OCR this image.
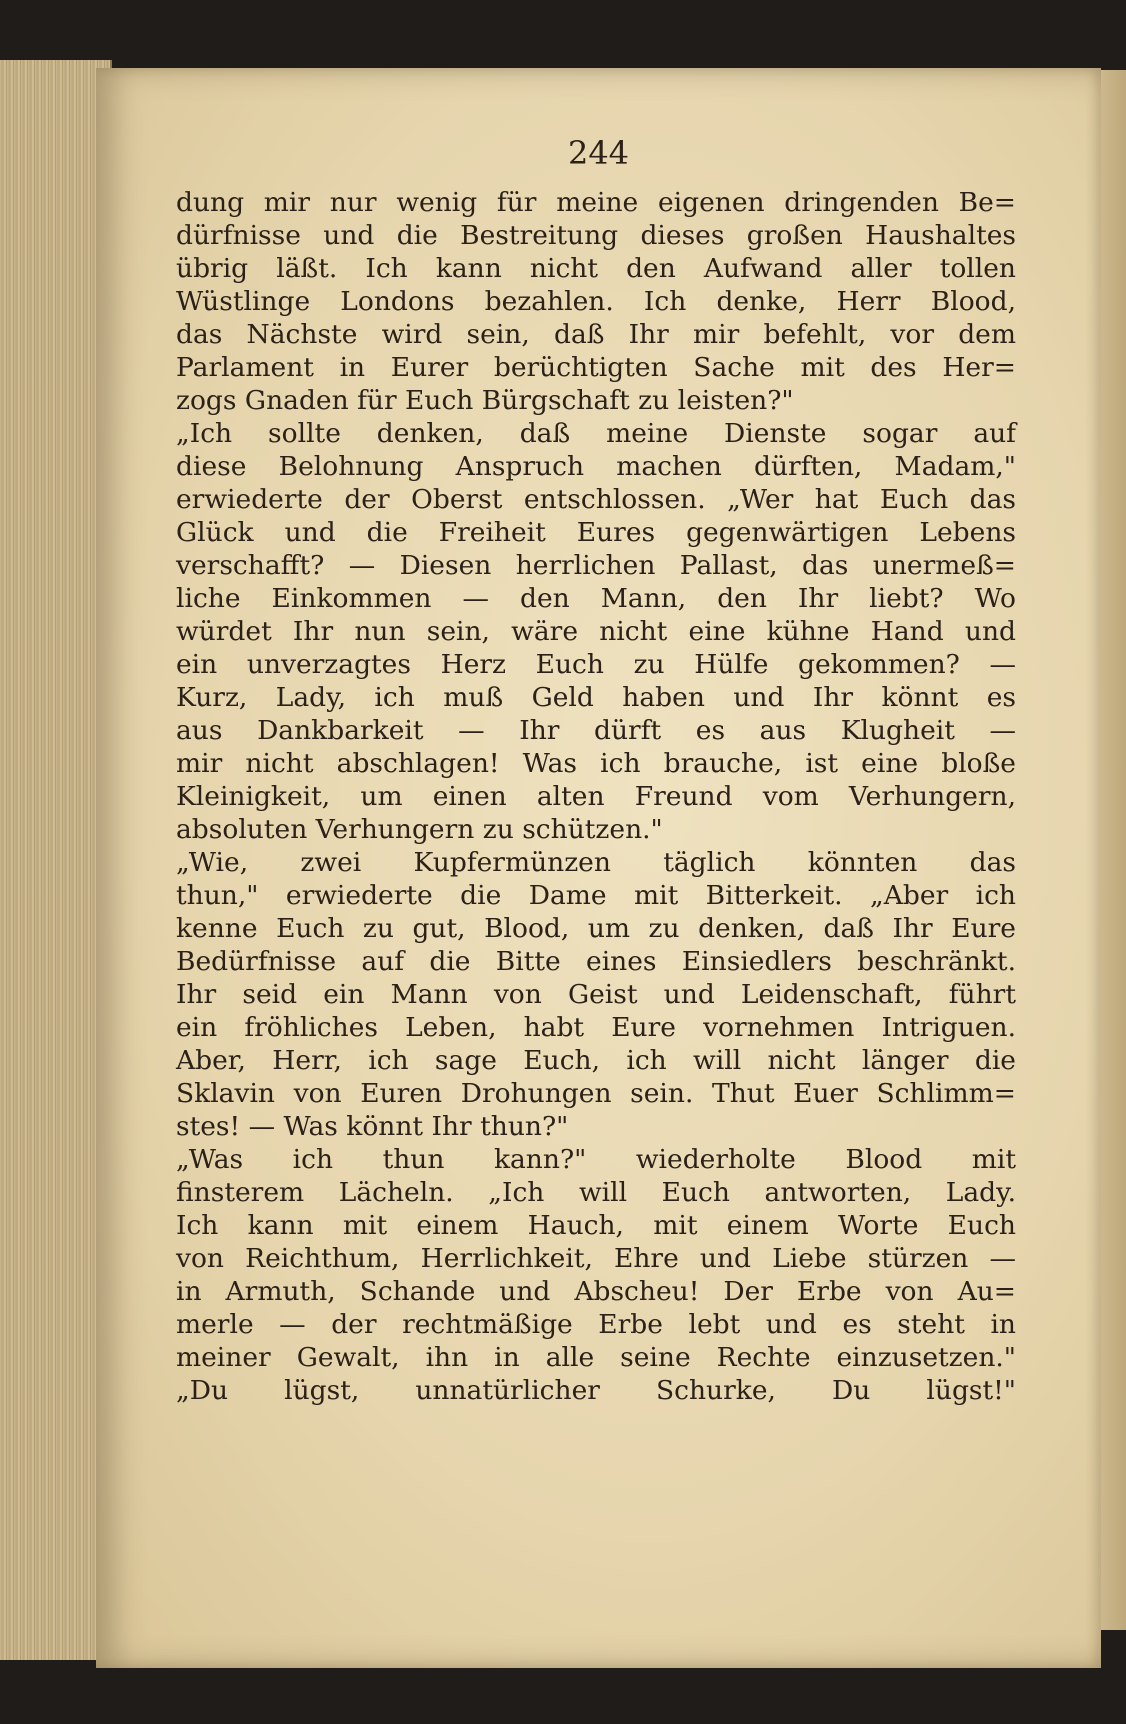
244
dung mir nur wenig für meine eigenen dringenden Be=
dürfnisse und die Bestreitung dieses großen Haushaltes
übrig läßt. Ich kann nicht den Aufwand aller tollen
Wüstlinge Londons bezahlen. Ich denke, Herr Blood,
das Nächste wird sein, daß Ihr mir befehlt, vor dem
Parlament in Eurer berüchtigten Sache mit des Her=
zogs Gnaden für Euch Bürgschaft zu leisten?"
„Ich sollte denken, daß meine Dienste sogar auf
diese Belohnung Anspruch machen dürften, Madam,"
erwiederte der Oberst entschlossen. „Wer hat Euch das
Glück und die Freiheit Eures gegenwärtigen Lebens
verschafft? — Diesen herrlichen Pallast, das unermeß=
liche Einkommen — den Mann, den Ihr liebt? Wo
würdet Ihr nun sein, wäre nicht eine kühne Hand und
ein unverzagtes Herz Euch zu Hülfe gekommen? —
Kurz, Lady, ich muß Geld haben und Ihr könnt es
aus Dankbarkeit — Ihr dürft es aus Klugheit —
mir nicht abschlagen! Was ich brauche, ist eine bloße
Kleinigkeit, um einen alten Freund vom Verhungern,
absoluten Verhungern zu schützen."
„Wie, zwei Kupfermünzen täglich könnten das
thun," erwiederte die Dame mit Bitterkeit. „Aber ich
kenne Euch zu gut, Blood, um zu denken, daß Ihr Eure
Bedürfnisse auf die Bitte eines Einsiedlers beschränkt.
Ihr seid ein Mann von Geist und Leidenschaft, führt
ein fröhliches Leben, habt Eure vornehmen Intriguen.
Aber, Herr, ich sage Euch, ich will nicht länger die
Sklavin von Euren Drohungen sein. Thut Euer Schlimm=
stes! — Was könnt Ihr thun?"
„Was ich thun kann?" wiederholte Blood mit
finsterem Lächeln. „Ich will Euch antworten, Lady.
Ich kann mit einem Hauch, mit einem Worte Euch
von Reichthum, Herrlichkeit, Ehre und Liebe stürzen —
in Armuth, Schande und Abscheu! Der Erbe von Au=
merle — der rechtmäßige Erbe lebt und es steht in
meiner Gewalt, ihn in alle seine Rechte einzusetzen."
„Du lügst, unnatürlicher Schurke, Du lügst!"
